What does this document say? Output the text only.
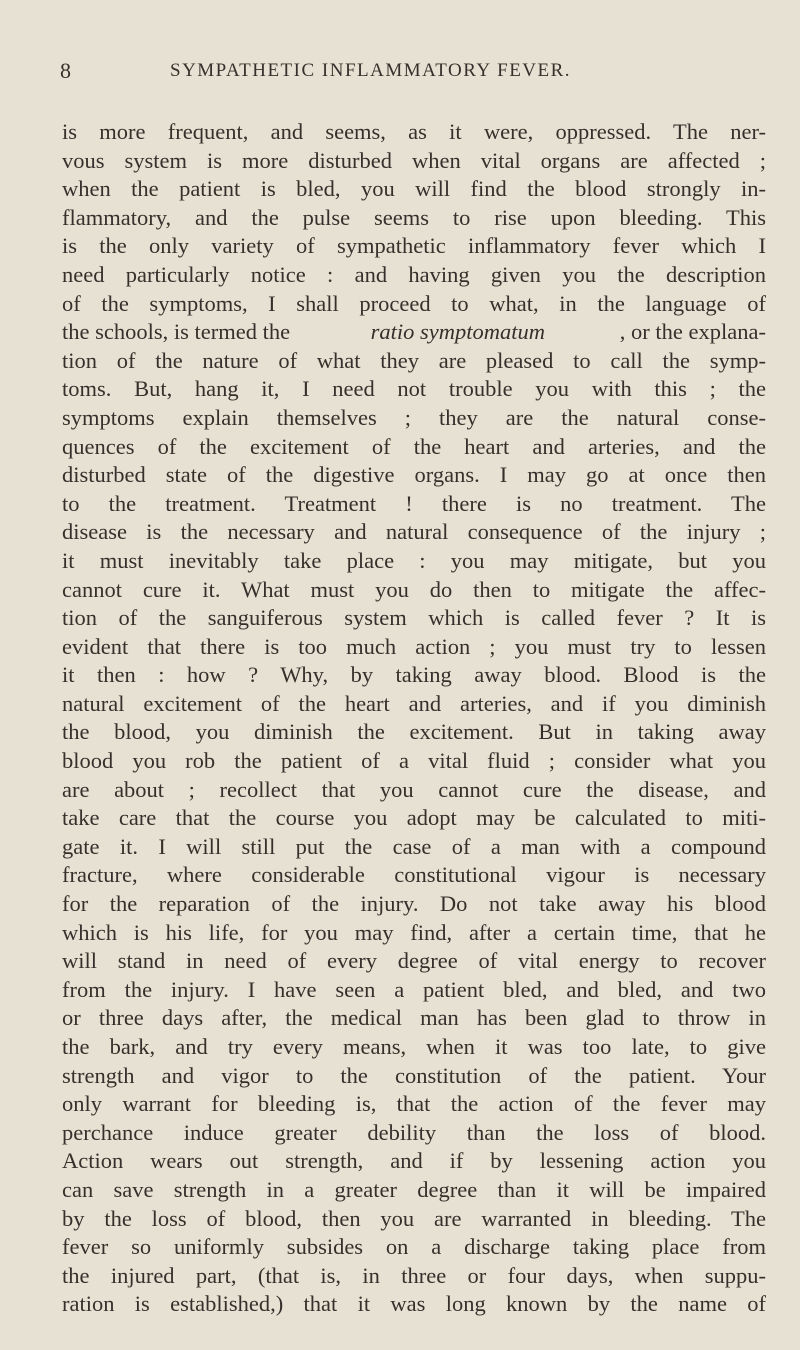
8	SYMPATHETIC INFLAMMATORY FEVER.
is more frequent, and seems, as it were, oppressed. The ner-
vous system is more disturbed when vital organs are affected ;
when the patient is bled, you will find the blood strongly in-
flammatory, and the pulse seems to rise upon bleeding. This
is the only variety of sympathetic inflammatory fever which I
need particularly notice : and having given you the description
of the symptoms, I shall proceed to what, in the language of
the schools, is termed the	ratio symptomatum	, or the explana-
tion of the nature of what they are pleased to call the symp-
toms. But, hang it, I need not trouble you with this ; the
symptoms explain themselves ; they are the natural conse-
quences of the excitement of the heart and arteries, and the
disturbed state of the digestive organs. I may go at once then
to the treatment. Treatment ! there is no treatment. The
disease is the necessary and natural consequence of the injury ;
it must inevitably take place : you may mitigate, but you
cannot cure it. What must you do then to mitigate the affec-
tion of the sanguiferous system which is called fever ? It is
evident that there is too much action ; you must try to lessen
it then : how ? Why, by taking away blood. Blood is the
natural excitement of the heart and arteries, and if you diminish
the blood, you diminish the excitement. But in taking away
blood you rob the patient of a vital fluid ; consider what you
are about ; recollect that you cannot cure the disease, and
take care that the course you adopt may be calculated to miti-
gate it. I will still put the case of a man with a compound
fracture, where considerable constitutional vigour is necessary
for the reparation of the injury. Do not take away his blood
which is his life, for you may find, after a certain time, that he
will stand in need of every degree of vital energy to recover
from the injury. I have seen a patient bled, and bled, and two
or three days after, the medical man has been glad to throw in
the bark, and try every means, when it was too late, to give
strength and vigor to the constitution of the patient. Your
only warrant for bleeding is, that the action of the fever may
perchance induce greater debility than the loss of blood.
Action wears out strength, and if by lessening action you
can save strength in a greater degree than it will be impaired
by the loss of blood, then you are warranted in bleeding. The
fever so uniformly subsides on a discharge taking place from
the injured part, (that is, in three or four days, when suppu-
ration is established,) that it was long known by the name of
